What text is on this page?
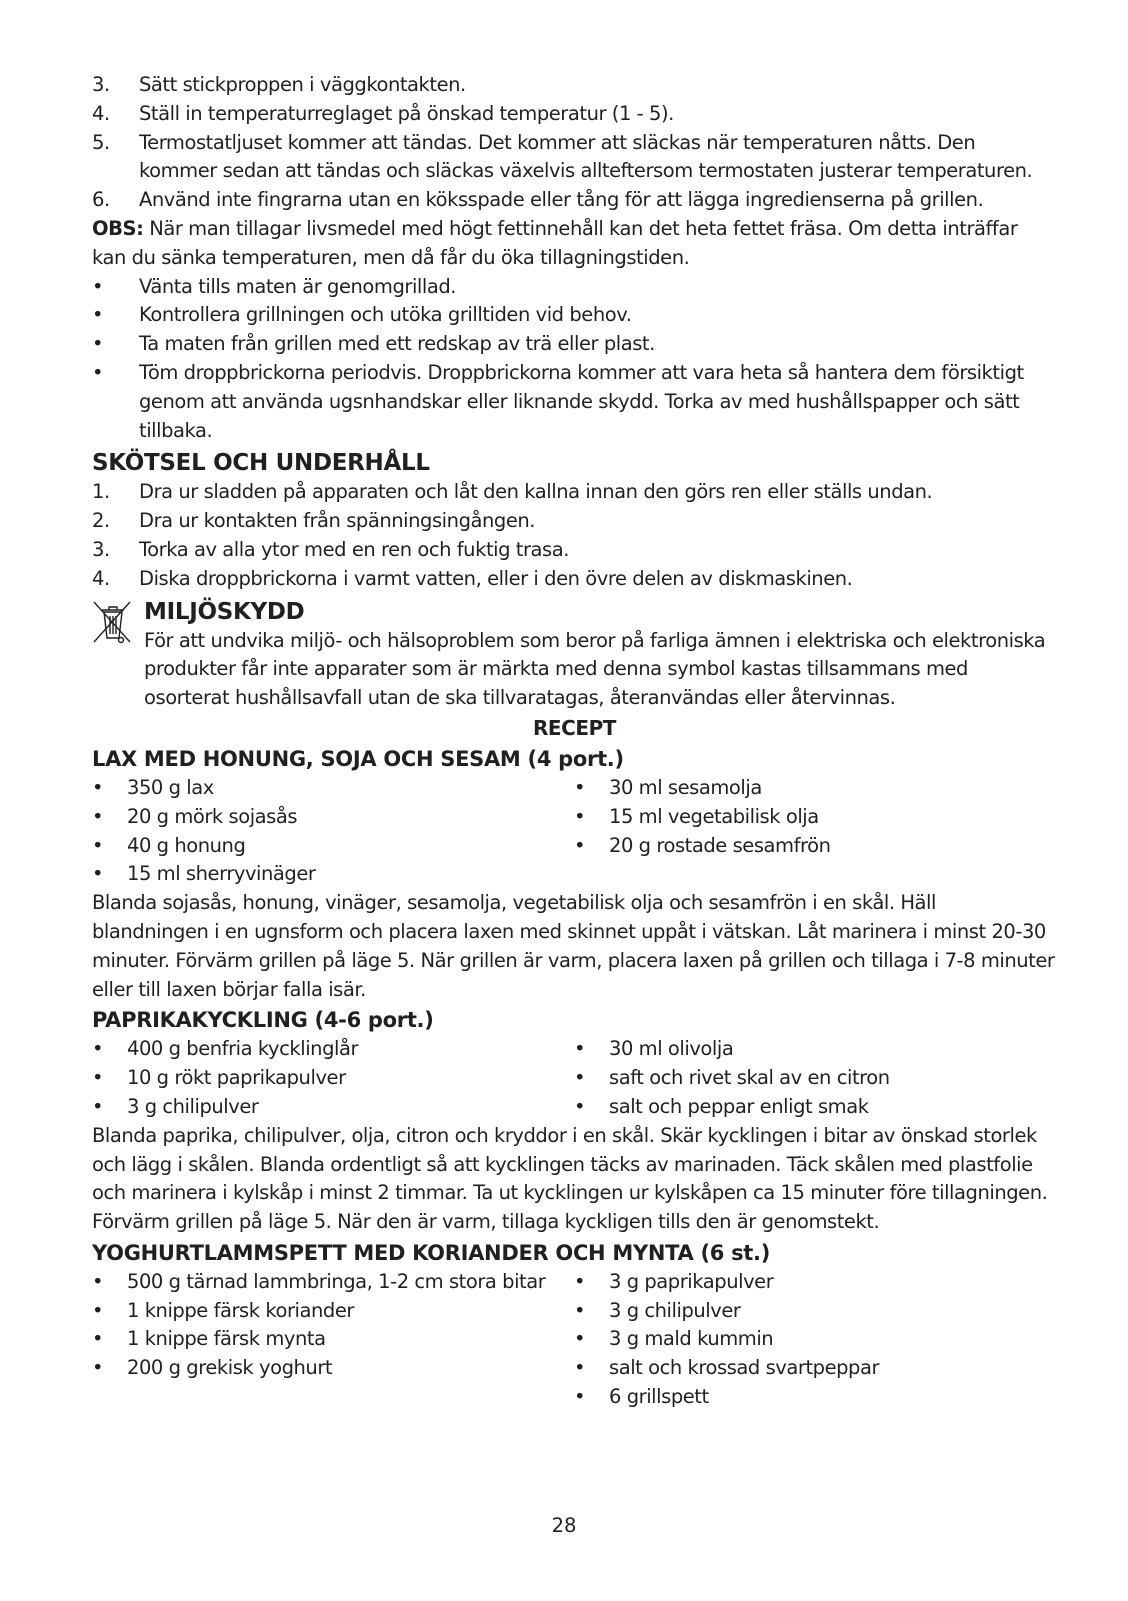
3. Sätt stickproppen i väggkontakten.
4. Ställ in temperaturreglaget på önskad temperatur (1 - 5).
5. Termostatljuset kommer att tändas. Det kommer att släckas när temperaturen nåtts. Den kommer sedan att tändas och släckas växelvis allteftersom termostaten justerar temperaturen.
6. Använd inte fingrarna utan en köksspade eller tång för att lägga ingredienserna på grillen.
OBS: När man tillagar livsmedel med högt fettinnehåll kan det heta fettet fräsa. Om detta inträffar kan du sänka temperaturen, men då får du öka tillagningstiden.
• Vänta tills maten är genomgrillad.
• Kontrollera grillningen och utöka grilltiden vid behov.
• Ta maten från grillen med ett redskap av trä eller plast.
• Töm droppbrickorna periodvis. Droppbrickorna kommer att vara heta så hantera dem försiktigt genom att använda ugsnhandskar eller liknande skydd. Torka av med hushållspapper och sätt tillbaka.
SKÖTSEL OCH UNDERHÅLL
1. Dra ur sladden på apparaten och låt den kallna innan den görs ren eller ställs undan.
2. Dra ur kontakten från spänningsingången.
3. Torka av alla ytor med en ren och fuktig trasa.
4. Diska droppbrickorna i varmt vatten, eller i den övre delen av diskmaskinen.
MILJÖSKYDD
För att undvika miljö- och hälsoproblem som beror på farliga ämnen i elektriska och elektroniska produkter får inte apparater som är märkta med denna symbol kastas tillsammans med osorterat hushållsavfall utan de ska tillvaratagas, återanvändas eller återvinnas.
RECEPT
LAX MED HONUNG, SOJA OCH SESAM (4 port.)
• 350 g lax
• 20 g mörk sojasås
• 40 g honung
• 15 ml sherryvinäger
• 30 ml sesamolja
• 15 ml vegetabilisk olja
• 20 g rostade sesamfrön
Blanda sojasås, honung, vinäger, sesamolja, vegetabilisk olja och sesamfrön i en skål. Häll blandningen i en ugnsform och placera laxen med skinnet uppåt i vätskan. Låt marinera i minst 20-30 minuter. Förvärm grillen på läge 5. När grillen är varm, placera laxen på grillen och tillaga i 7-8 minuter eller till laxen börjar falla isär.
PAPRIKAKYCKLING (4-6 port.)
• 400 g benfria kycklinglår
• 10 g rökt paprikapulver
• 3 g chilipulver
• 30 ml olivolja
• saft och rivet skal av en citron
• salt och peppar enligt smak
Blanda paprika, chilipulver, olja, citron och kryddor i en skål. Skär kycklingen i bitar av önskad storlek och lägg i skålen. Blanda ordentligt så att kycklingen täcks av marinaden. Täck skålen med plastfolie och marinera i kylskåp i minst 2 timmar. Ta ut kycklingen ur kylskåpen ca 15 minuter före tillagningen. Förvärm grillen på läge 5. När den är varm, tillaga kyckligen tills den är genomstekt.
YOGHURTLAMMSPETT MED KORIANDER OCH MYNTA (6 st.)
• 500 g tärnad lammbringa, 1-2 cm stora bitar
• 1 knippe färsk koriander
• 1 knippe färsk mynta
• 200 g grekisk yoghurt
• 3 g paprikapulver
• 3 g chilipulver
• 3 g mald kummin
• salt och krossad svartpeppar
• 6 grillspett
28
